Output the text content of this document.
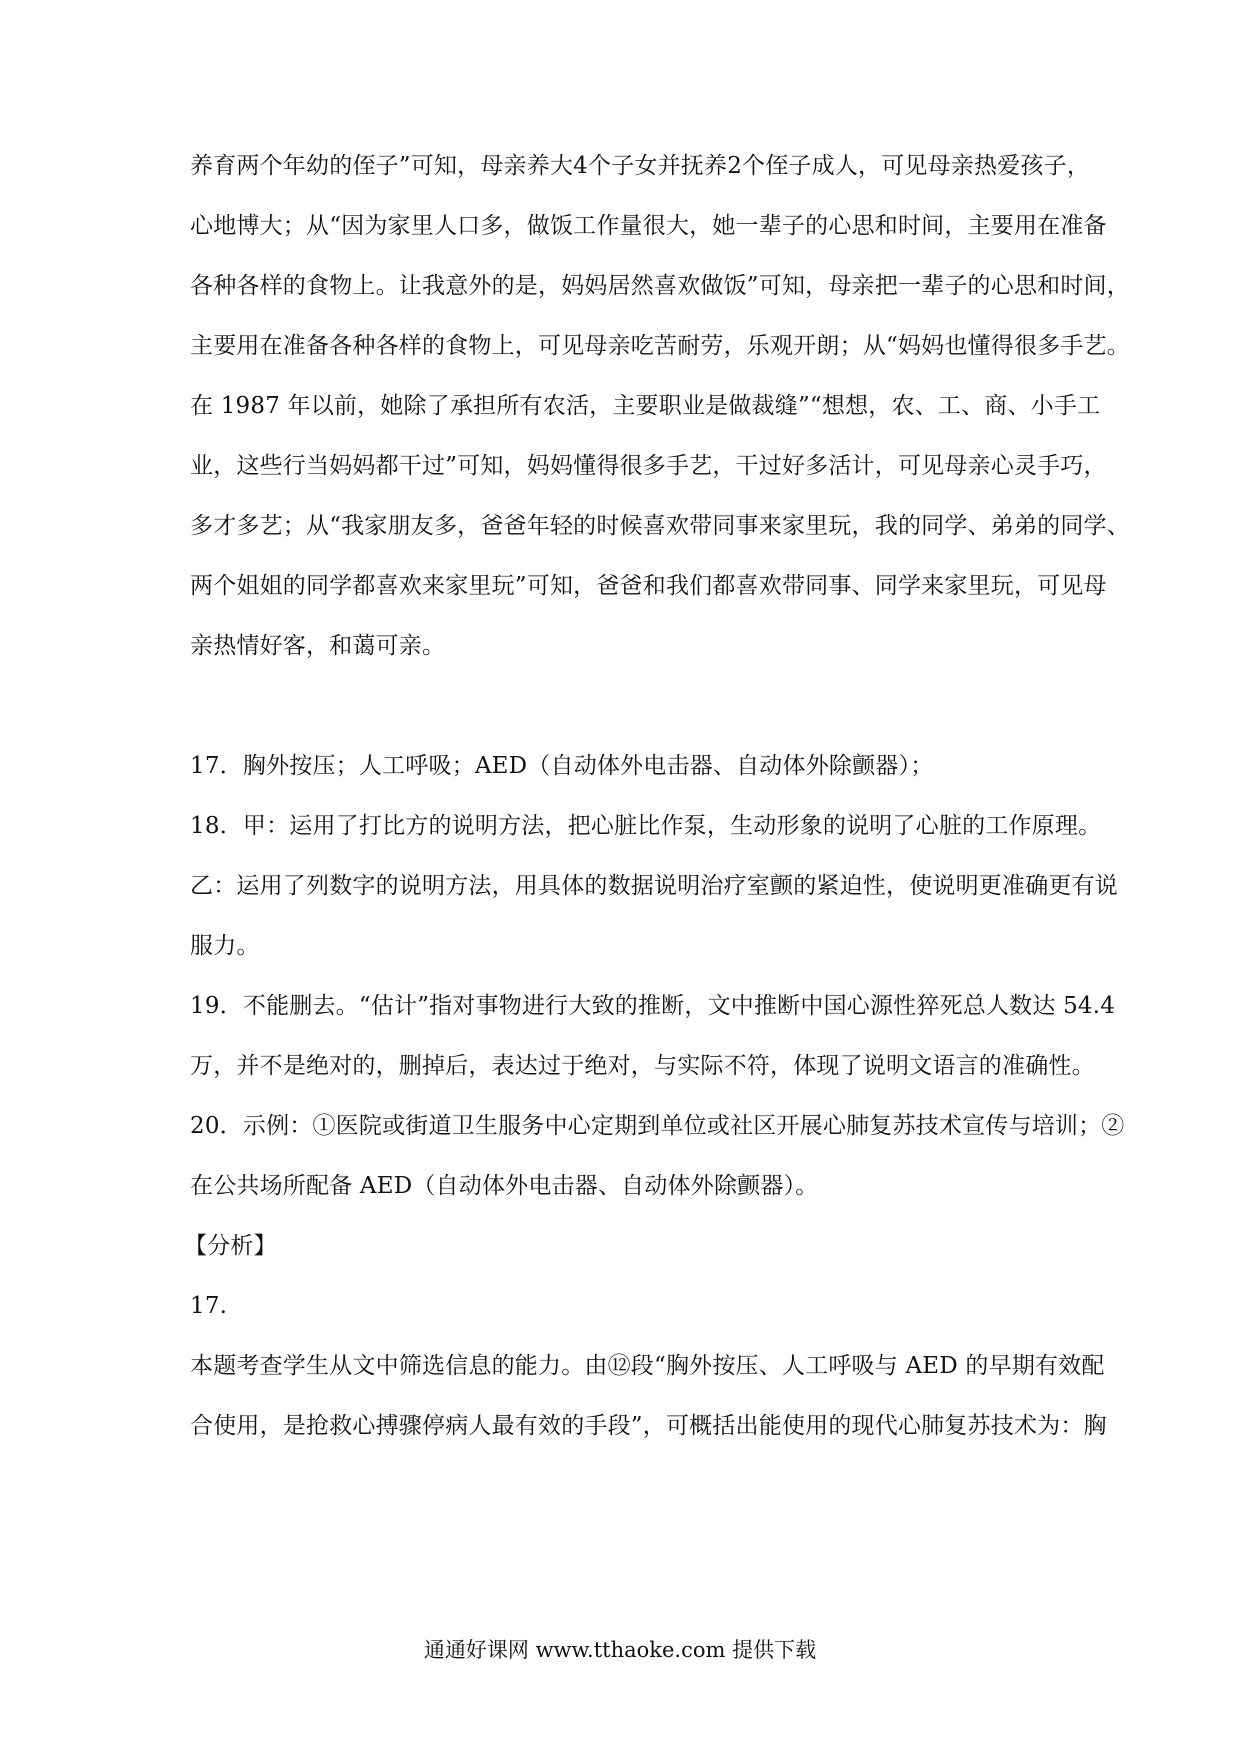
养育两个年幼的侄子”可知，母亲养大4个子女并抚养2个侄子成人，可见母亲热爱孩子，
心地博大；从“因为家里人口多，做饭工作量很大，她一辈子的心思和时间，主要用在准备
各种各样的食物上。让我意外的是，妈妈居然喜欢做饭”可知，母亲把一辈子的心思和时间，
主要用在准备各种各样的食物上，可见母亲吃苦耐劳，乐观开朗；从“妈妈也懂得很多手艺。
在 1987 年以前，她除了承担所有农活，主要职业是做裁缝”“想想，农、工、商、小手工
业，这些行当妈妈都干过”可知，妈妈懂得很多手艺，干过好多活计，可见母亲心灵手巧，
多才多艺；从“我家朋友多，爸爸年轻的时候喜欢带同事来家里玩，我的同学、弟弟的同学、
两个姐姐的同学都喜欢来家里玩”可知，爸爸和我们都喜欢带同事、同学来家里玩，可见母
亲热情好客，和蔼可亲。
17．胸外按压；人工呼吸；AED（自动体外电击器、自动体外除颤器）；
18．甲：运用了打比方的说明方法，把心脏比作泵，生动形象的说明了心脏的工作原理。
乙：运用了列数字的说明方法，用具体的数据说明治疗室颤的紧迫性，使说明更准确更有说
服力。
19．不能删去。“估计”指对事物进行大致的推断，文中推断中国心源性猝死总人数达 54.4
万，并不是绝对的，删掉后，表达过于绝对，与实际不符，体现了说明文语言的准确性。
20．示例：①医院或街道卫生服务中心定期到单位或社区开展心肺复苏技术宣传与培训；②
在公共场所配备 AED（自动体外电击器、自动体外除颤器）。
【分析】
17.
本题考查学生从文中筛选信息的能力。由⑫段“胸外按压、人工呼吸与 AED 的早期有效配
合使用，是抢救心搏骤停病人最有效的手段”，可概括出能使用的现代心肺复苏技术为：胸
通通好课网 www.tthaoke.com 提供下载
